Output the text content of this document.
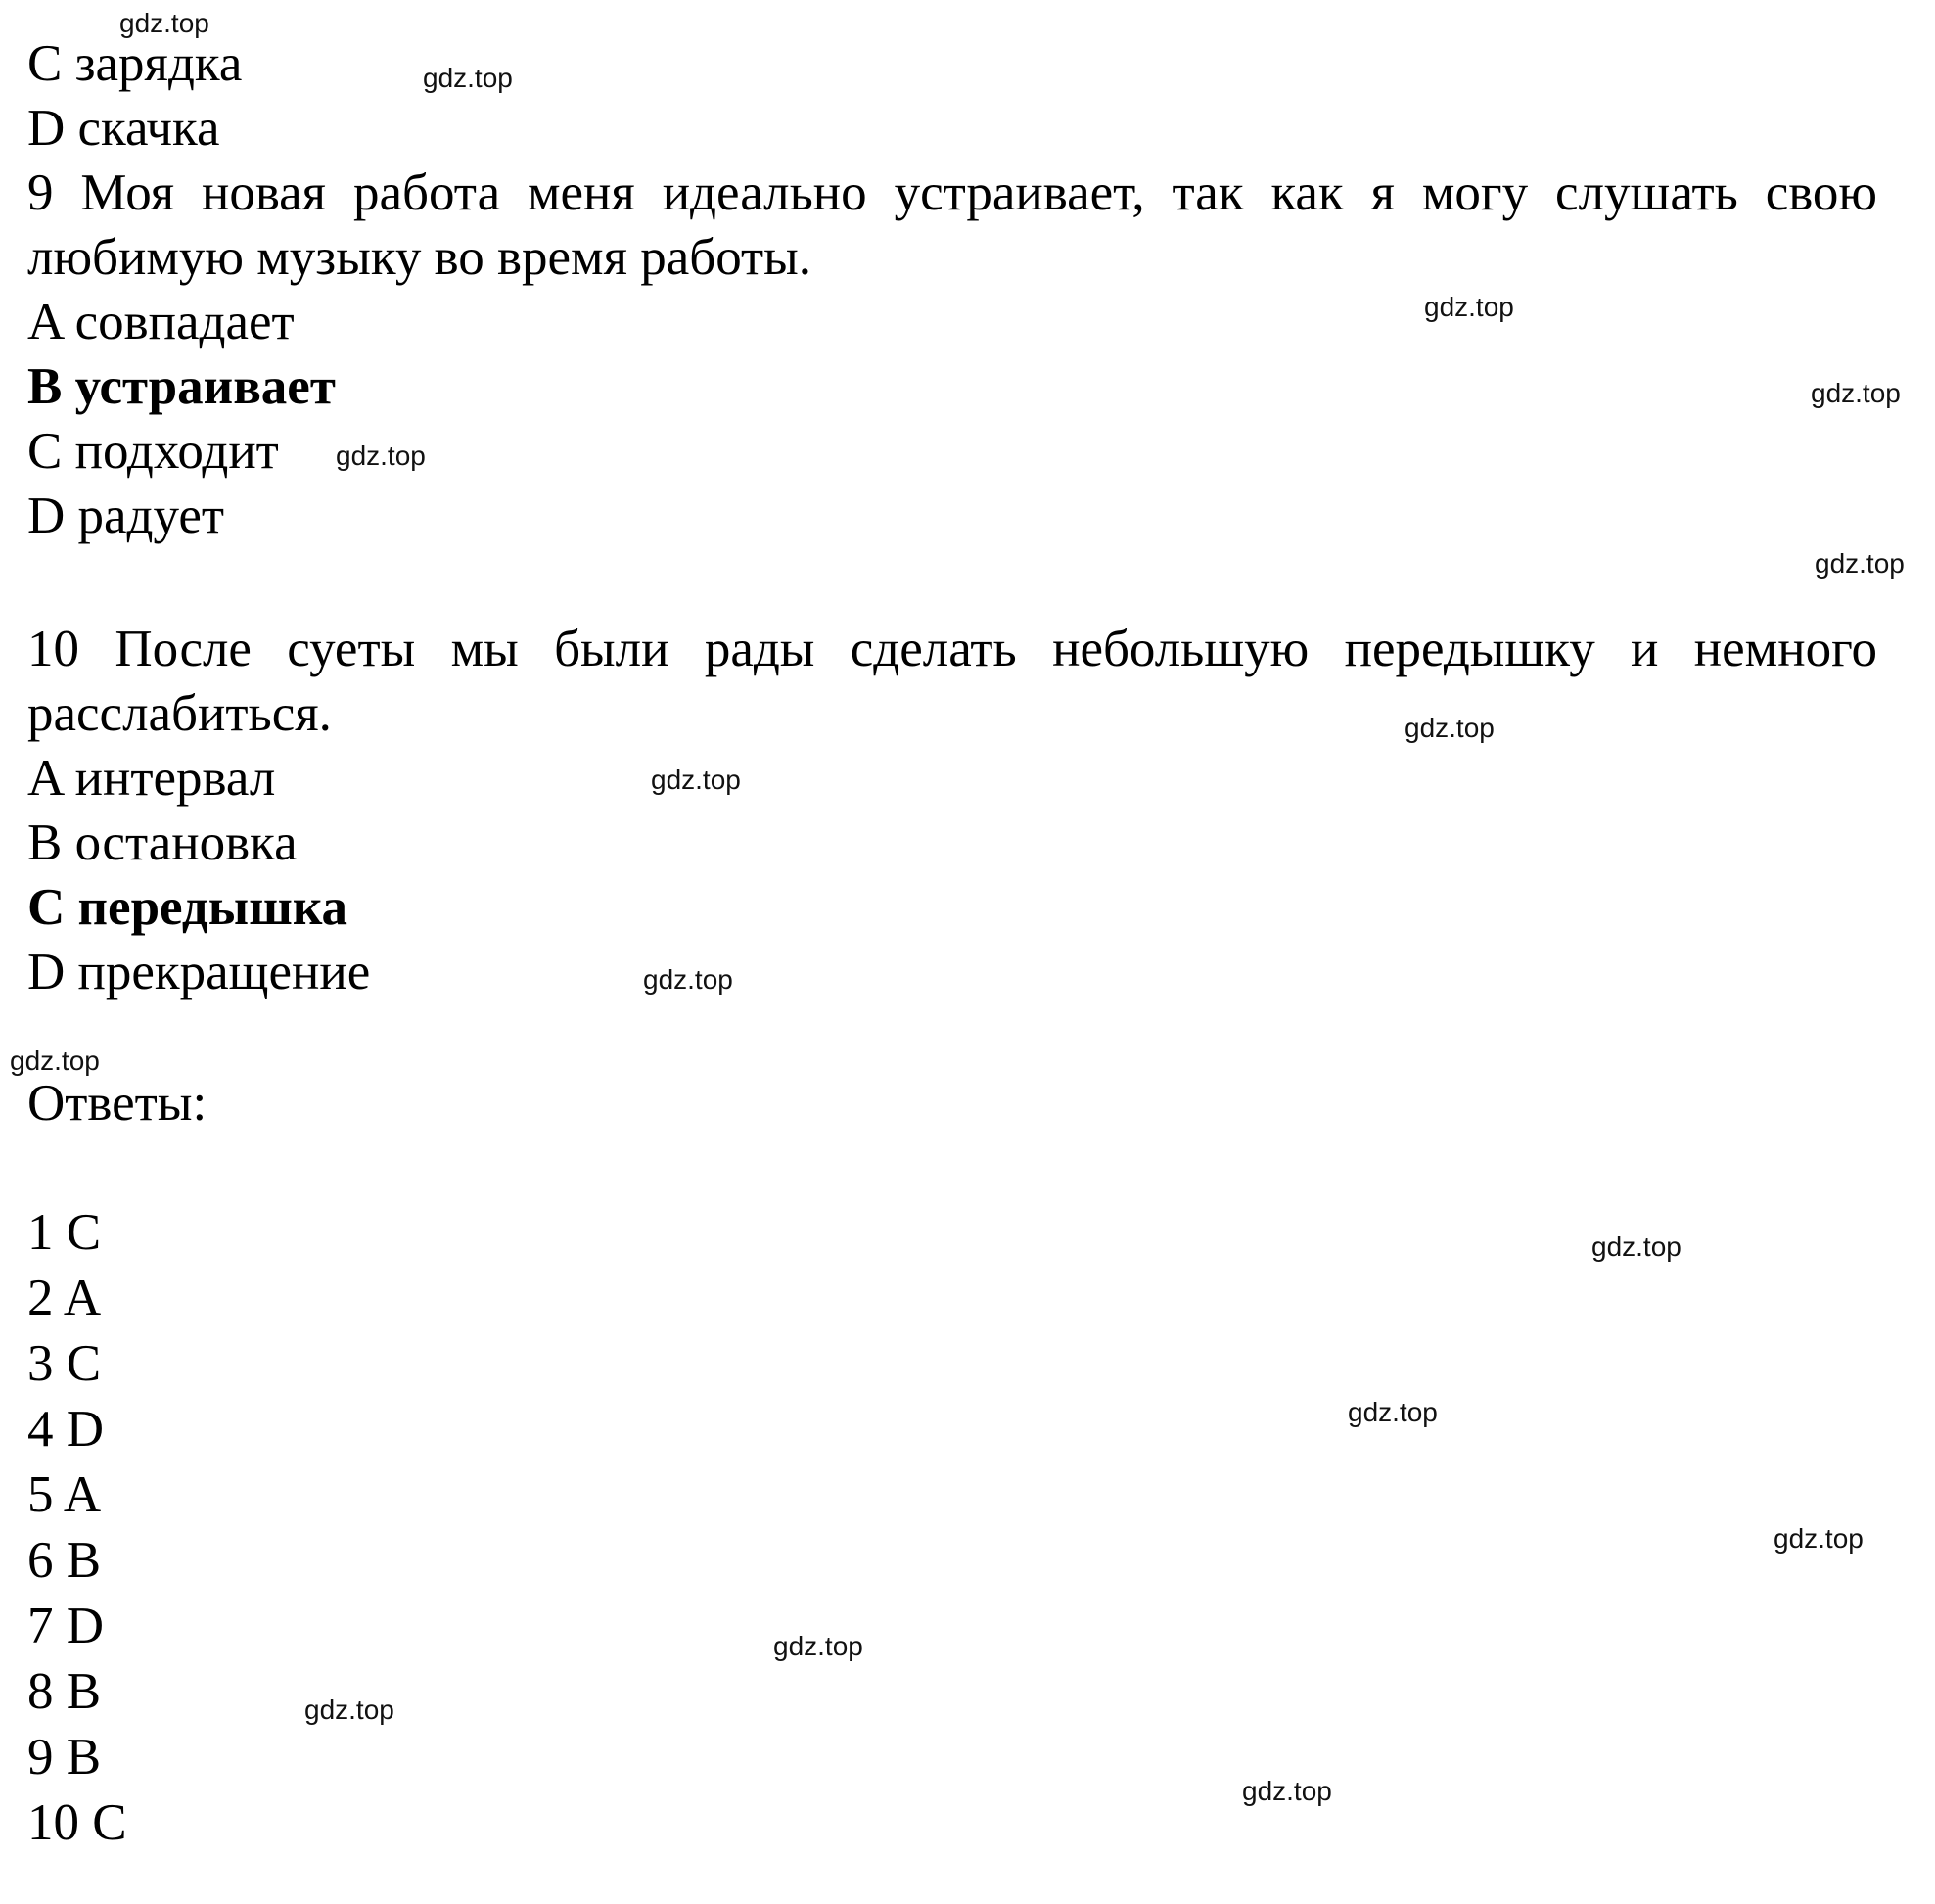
C зарядка
D скачка
9 Моя новая работа меня идеально устраивает, так как я могу слушать свою любимую музыку во время работы.
A совпадает
B устраивает
C подходит
D радует
10 После суеты мы были рады сделать небольшую передышку и немного расслабиться.
A интервал
B остановка
C передышка
D прекращение
Ответы:
1 C
2 A
3 C
4 D
5 A
6 B
7 D
8 B
9 B
10 C
gdz.top
gdz.top
gdz.top
gdz.top
gdz.top
gdz.top
gdz.top
gdz.top
gdz.top
gdz.top
gdz.top
gdz.top
gdz.top
gdz.top
gdz.top
gdz.top
